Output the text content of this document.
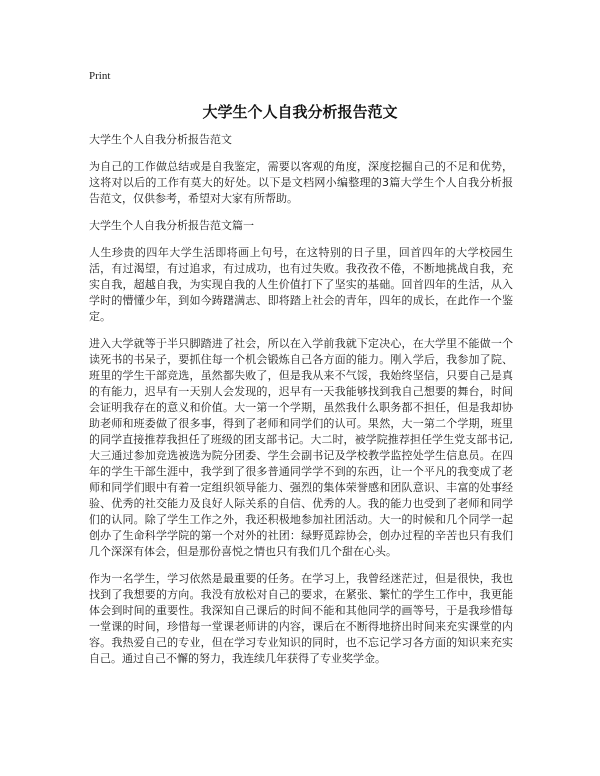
Print
大学生个人自我分析报告范文

大学生个人自我分析报告范文

为自己的工作做总结或是自我鉴定，需要以客观的角度，深度挖掘自己的不足和优势，这将对以后的工作有莫大的好处。以下是文档网小编整理的3篇大学生个人自我分析报告范文，仅供参考，希望对大家有所帮助。

大学生个人自我分析报告范文篇一

人生珍贵的四年大学生活即将画上句号，在这特别的日子里，回首四年的大学校园生活，有过渴望，有过追求，有过成功，也有过失败。我孜孜不倦，不断地挑战自我，充实自我，超越自我，为实现自我的人生价值打下了坚实的基础。回首四年的生活，从入学时的懵懂少年，到如今踌躇满志、即将踏上社会的青年，四年的成长，在此作一个鉴定。

进入大学就等于半只脚踏进了社会，所以在入学前我就下定决心，在大学里不能做一个读死书的书呆子，要抓住每一个机会锻炼自己各方面的能力。刚入学后，我参加了院、班里的学生干部竞选，虽然都失败了，但是我从来不气馁，我始终坚信，只要自己是真的有能力，迟早有一天别人会发现的，迟早有一天我能够找到我自己想要的舞台，时间会证明我存在的意义和价值。大一第一个学期，虽然我什么职务都不担任，但是我却协助老师和班委做了很多事，得到了老师和同学们的认可。果然，大一第二个学期，班里的同学直接推荐我担任了班级的团支部书记。大二时，被学院推荐担任学生党支部书记,大三通过参加竞选被选为院分团委、学生会副书记及学校教学监控处学生信息员。在四年的学生干部生涯中，我学到了很多普通同学学不到的东西，让一个平凡的我变成了老师和同学们眼中有着一定组织领导能力、强烈的集体荣誉感和团队意识、丰富的处事经验、优秀的社交能力及良好人际关系的自信、优秀的人。我的能力也受到了老师和同学们的认同。除了学生工作之外，我还积极地参加社团活动。大一的时候和几个同学一起创办了生命科学学院的第一个对外的社团：绿野觅踪协会，创办过程的辛苦也只有我们几个深深有体会，但是那份喜悦之情也只有我们几个甜在心头。

作为一名学生，学习依然是最重要的任务。在学习上，我曾经迷茫过，但是很快，我也找到了我想要的方向。我没有放松对自己的要求，在紧张、繁忙的学生工作中，我更能体会到时间的重要性。我深知自己课后的时间不能和其他同学的画等号，于是我珍惜每一堂课的时间，珍惜每一堂课老师讲的内容，课后在不断得地挤出时间来充实课堂的内容。我热爱自己的专业，但在学习专业知识的同时，也不忘记学习各方面的知识来充实自己。通过自己不懈的努力，我连续几年获得了专业奖学金。
